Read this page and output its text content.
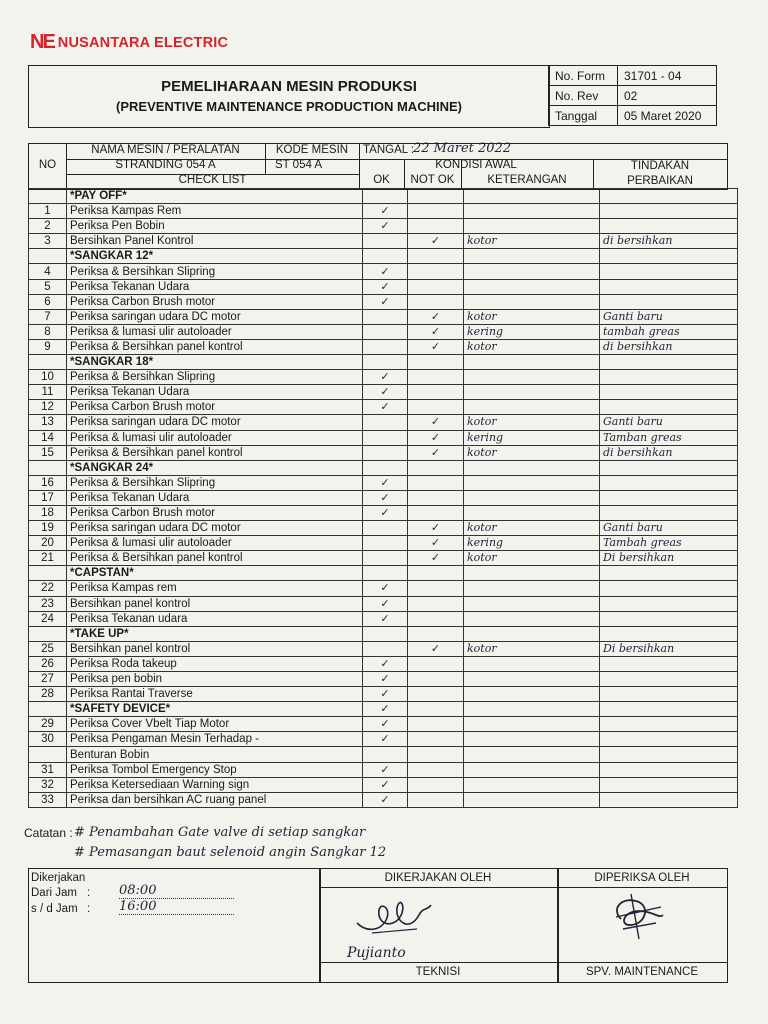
NE NUSANTARA ELECTRIC
PEMELIHARAAN MESIN PRODUKSI
(PREVENTIVE MAINTENANCE PRODUCTION MACHINE)
No. Form	31701 - 04
No. Rev	02
Tanggal	05 Maret 2020
NO
NAMA MESIN / PERALATAN	KODE MESIN
STRANDING 054 A	ST 054 A
CHECK LIST
TANGAL :
22 Maret 2022
KONDISI AWAL
OK	NOT OK	KETERANGAN
TINDAKAN
PERBAIKAN
	*PAY OFF*				
1	Periksa Kampas Rem	✓			
2	Periksa Pen Bobin	✓			
3	Bersihkan Panel Kontrol		✓	kotor	di bersihkan
	*SANGKAR 12*				
4	Periksa & Bersihkan Slipring	✓			
5	Periksa Tekanan Udara	✓			
6	Periksa Carbon Brush motor	✓			
7	Periksa saringan udara DC motor		✓	kotor	Ganti baru
8	Periksa & lumasi ulir autoloader		✓	kering	tambah greas
9	Periksa & Bersihkan panel kontrol		✓	kotor	di bersihkan
	*SANGKAR 18*				
10	Periksa & Bersihkan Slipring	✓			
11	Periksa Tekanan Udara	✓			
12	Periksa Carbon Brush motor	✓			
13	Periksa saringan udara DC motor		✓	kotor	Ganti baru
14	Periksa & lumasi ulir autoloader		✓	kering	Tamban greas
15	Periksa & Bersihkan panel kontrol		✓	kotor	di bersihkan
	*SANGKAR 24*				
16	Periksa & Bersihkan Slipring	✓			
17	Periksa Tekanan Udara	✓			
18	Periksa Carbon Brush motor	✓			
19	Periksa saringan udara DC motor		✓	kotor	Ganti baru
20	Periksa & lumasi ulir autoloader		✓	kering	Tambah greas
21	Periksa & Bersihkan panel kontrol		✓	kotor	Di bersihkan
	*CAPSTAN*				
22	Periksa Kampas rem	✓			
23	Bersihkan panel kontrol	✓			
24	Periksa Tekanan udara	✓			
	*TAKE UP*				
25	Bersihkan panel kontrol		✓	kotor	Di bersihkan
26	Periksa Roda takeup	✓			
27	Periksa pen bobin	✓			
28	Periksa Rantai Traverse	✓			
	*SAFETY DEVICE*	✓			
29	Periksa Cover Vbelt Tiap Motor	✓			
30	Periksa Pengaman Mesin Terhadap -	✓			
	Benturan Bobin				
31	Periksa Tombol Emergency Stop	✓			
32	Periksa Ketersediaan Warning sign	✓			
33	Periksa dan bersihkan AC ruang panel	✓			
Catatan : # Penambahan Gate valve di setiap sangkar
# Pemasangan baut selenoid angin Sangkar 12
Dikerjakan
Dari Jam
s / d Jam
:
:
08:00
16:00
DIKERJAKAN OLEH	DIPERIKSA OLEH
Pujianto
TEKNISI	SPV. MAINTENANCE
